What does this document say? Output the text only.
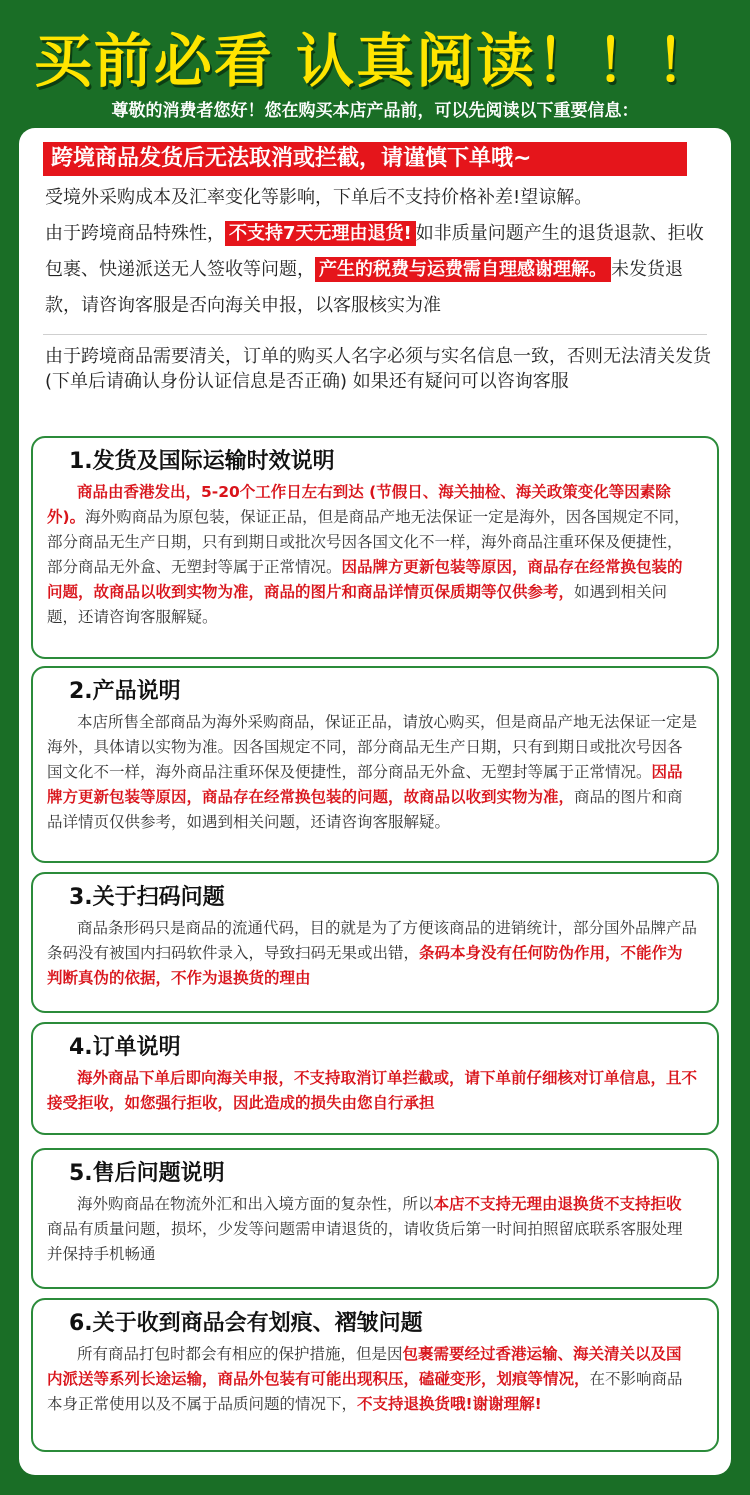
买前必看 认真阅读！！！
尊敬的消费者您好！您在购买本店产品前，可以先阅读以下重要信息：
跨境商品发货后无法取消或拦截，请谨慎下单哦~

受境外采购成本及汇率变化等影响，下单后不支持价格补差!望谅解。

由于跨境商品特殊性， 不支持7天无理由退货! 如非质量问题产生的退货退款、拒收包裹、快递派送无人签收等问题， 产生的税费与运费需自理感谢理解。 未发货退款，请咨询客服是否向海关申报，以客服核实为准

由于跨境商品需要清关，订单的购买人名字必须与实名信息一致，否则无法清关发货 (下单后请确认身份认证信息是否正确) 如果还有疑问可以咨询客服
1.发货及国际运输时效说明
商品由香港发出，5-20个工作日左右到达 (节假日、海关抽检、海关政策变化等因素除外)。海外购商品为原包装，保证正品，但是商品产地无法保证一定是海外，因各国规定不同，部分商品无生产日期，只有到期日或批次号因各国文化不一样，海外商品注重环保及便捷性，部分商品无外盒、无塑封等属于正常情况。因品牌方更新包装等原因，商品存在经常换包装的问题，故商品以收到实物为准，商品的图片和商品详情页保质期等仅供参考，如遇到相关问题，还请咨询客服解疑。
2.产品说明
本店所售全部商品为海外采购商品，保证正品，请放心购买，但是商品产地无法保证一定是海外，具体请以实物为准。因各国规定不同，部分商品无生产日期，只有到期日或批次号因各国文化不一样，海外商品注重环保及便捷性，部分商品无外盒、无塑封等属于正常情况。因品牌方更新包装等原因，商品存在经常换包装的问题，故商品以收到实物为准，商品的图片和商品详情页仅供参考，如遇到相关问题，还请咨询客服解疑。
3.关于扫码问题
商品条形码只是商品的流通代码，目的就是为了方便该商品的进销统计，部分国外品牌产品条码没有被国内扫码软件录入，导致扫码无果或出错，条码本身没有任何防伪作用，不能作为判断真伪的依据，不作为退换货的理由
4.订单说明
海外商品下单后即向海关申报，不支持取消订单拦截或，请下单前仔细核对订单信息，且不接受拒收，如您强行拒收，因此造成的损失由您自行承担
5.售后问题说明
海外购商品在物流外汇和出入境方面的复杂性，所以本店不支持无理由退换货不支持拒收商品有质量问题，损坏，少发等问题需申请退货的，请收货后第一时间拍照留底联系客服处理并保持手机畅通
6.关于收到商品会有划痕、褶皱问题
所有商品打包时都会有相应的保护措施，但是因包裹需要经过香港运输、海关清关以及国内派送等系列长途运输，商品外包装有可能出现积压，磕碰变形，划痕等情况，在不影响商品本身正常使用以及不属于品质问题的情况下，不支持退换货哦!谢谢理解!
